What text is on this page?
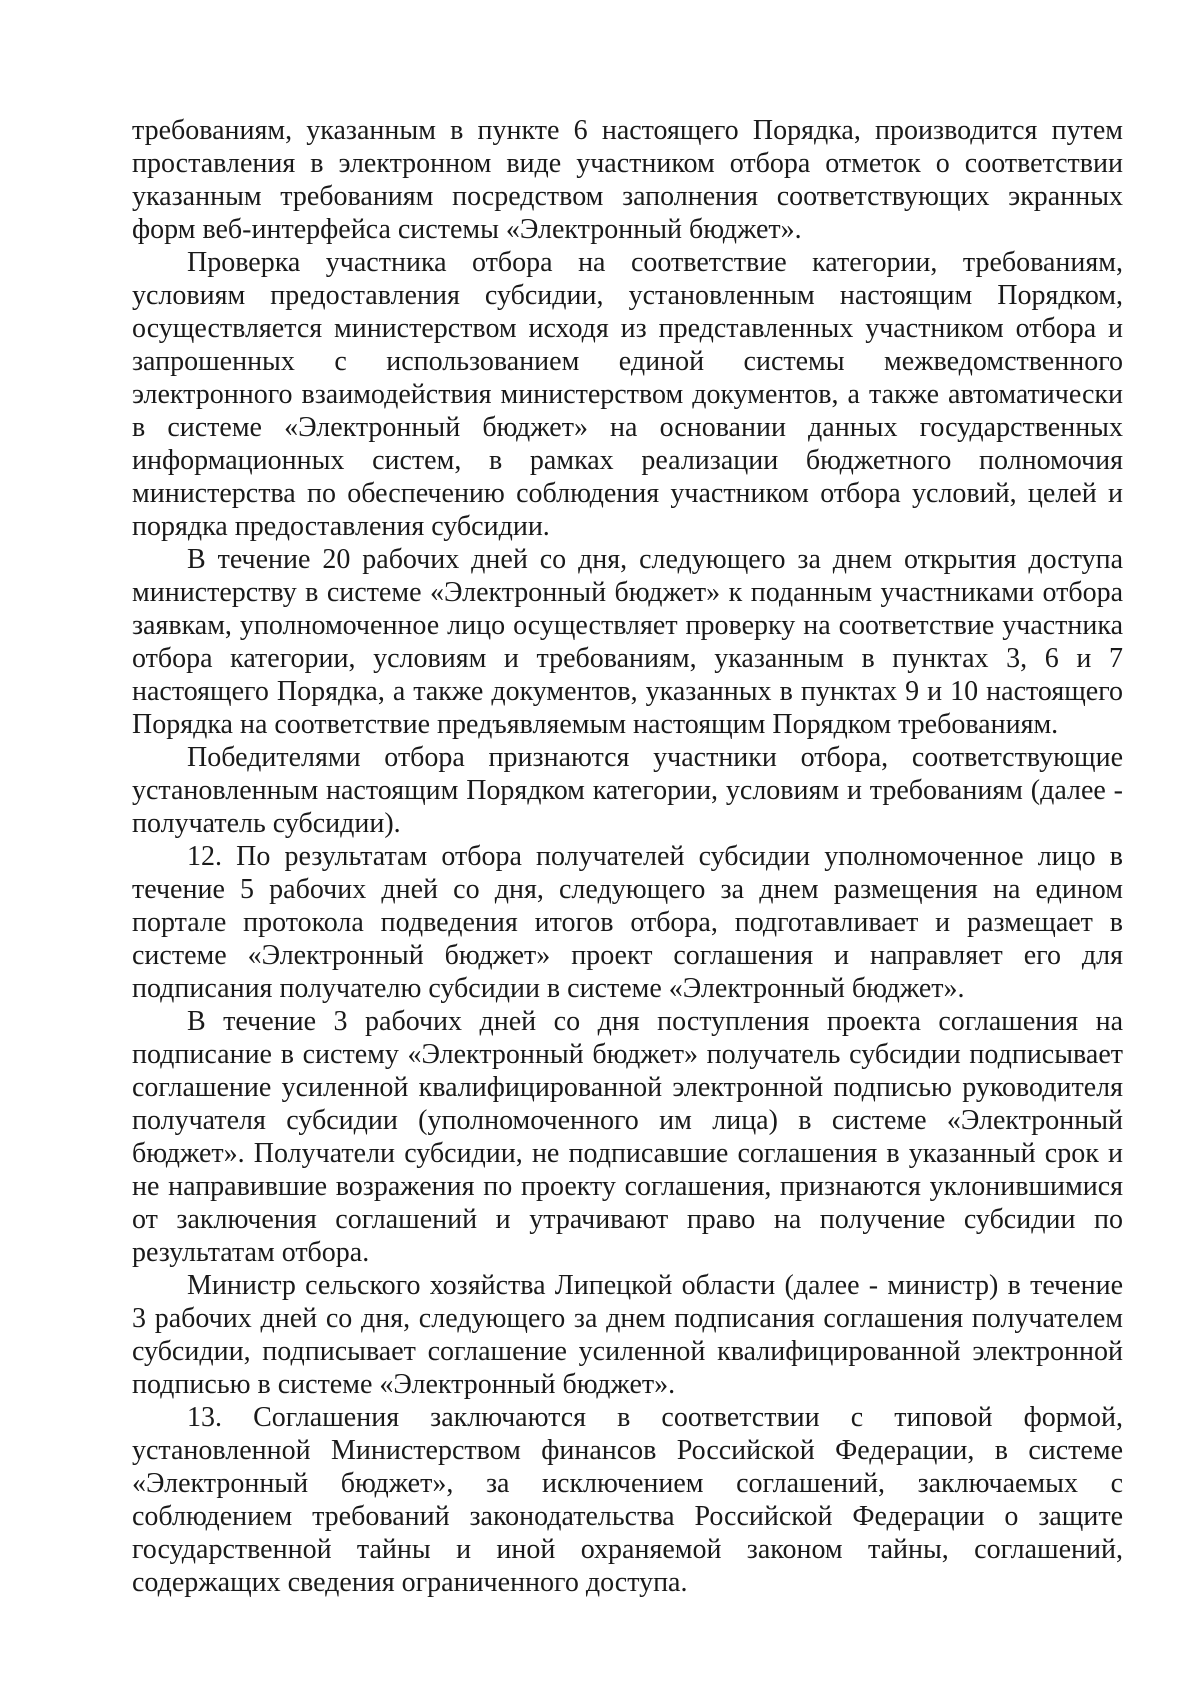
требованиям, указанным в пункте 6 настоящего Порядка, производится путем проставления в электронном виде участником отбора отметок о соответствии указанным требованиям посредством заполнения соответствующих экранных форм веб-интерфейса системы «Электронный бюджет».

Проверка участника отбора на соответствие категории, требованиям, условиям предоставления субсидии, установленным настоящим Порядком, осуществляется министерством исходя из представленных участником отбора и запрошенных с использованием единой системы межведомственного электронного взаимодействия министерством документов, а также автоматически в системе «Электронный бюджет» на основании данных государственных информационных систем, в рамках реализации бюджетного полномочия министерства по обеспечению соблюдения участником отбора условий, целей и порядка предоставления субсидии.

В течение 20 рабочих дней со дня, следующего за днем открытия доступа министерству в системе «Электронный бюджет» к поданным участниками отбора заявкам, уполномоченное лицо осуществляет проверку на соответствие участника отбора категории, условиям и требованиям, указанным в пунктах 3, 6 и 7 настоящего Порядка, а также документов, указанных в пунктах 9 и 10 настоящего Порядка на соответствие предъявляемым настоящим Порядком требованиям.

Победителями отбора признаются участники отбора, соответствующие установленным настоящим Порядком категории, условиям и требованиям (далее - получатель субсидии).

12. По результатам отбора получателей субсидии уполномоченное лицо в течение 5 рабочих дней со дня, следующего за днем размещения на едином портале протокола подведения итогов отбора, подготавливает и размещает в системе «Электронный бюджет» проект соглашения и направляет его для подписания получателю субсидии в системе «Электронный бюджет».

В течение 3 рабочих дней со дня поступления проекта соглашения на подписание в систему «Электронный бюджет» получатель субсидии подписывает соглашение усиленной квалифицированной электронной подписью руководителя получателя субсидии (уполномоченного им лица) в системе «Электронный бюджет». Получатели субсидии, не подписавшие соглашения в указанный срок и не направившие возражения по проекту соглашения, признаются уклонившимися от заключения соглашений и утрачивают право на получение субсидии по результатам отбора.

Министр сельского хозяйства Липецкой области (далее - министр) в течение 3 рабочих дней со дня, следующего за днем подписания соглашения получателем субсидии, подписывает соглашение усиленной квалифицированной электронной подписью в системе «Электронный бюджет».

13. Соглашения заключаются в соответствии с типовой формой, установленной Министерством финансов Российской Федерации, в системе «Электронный бюджет», за исключением соглашений, заключаемых с соблюдением требований законодательства Российской Федерации о защите государственной тайны и иной охраняемой законом тайны, соглашений, содержащих сведения ограниченного доступа.
